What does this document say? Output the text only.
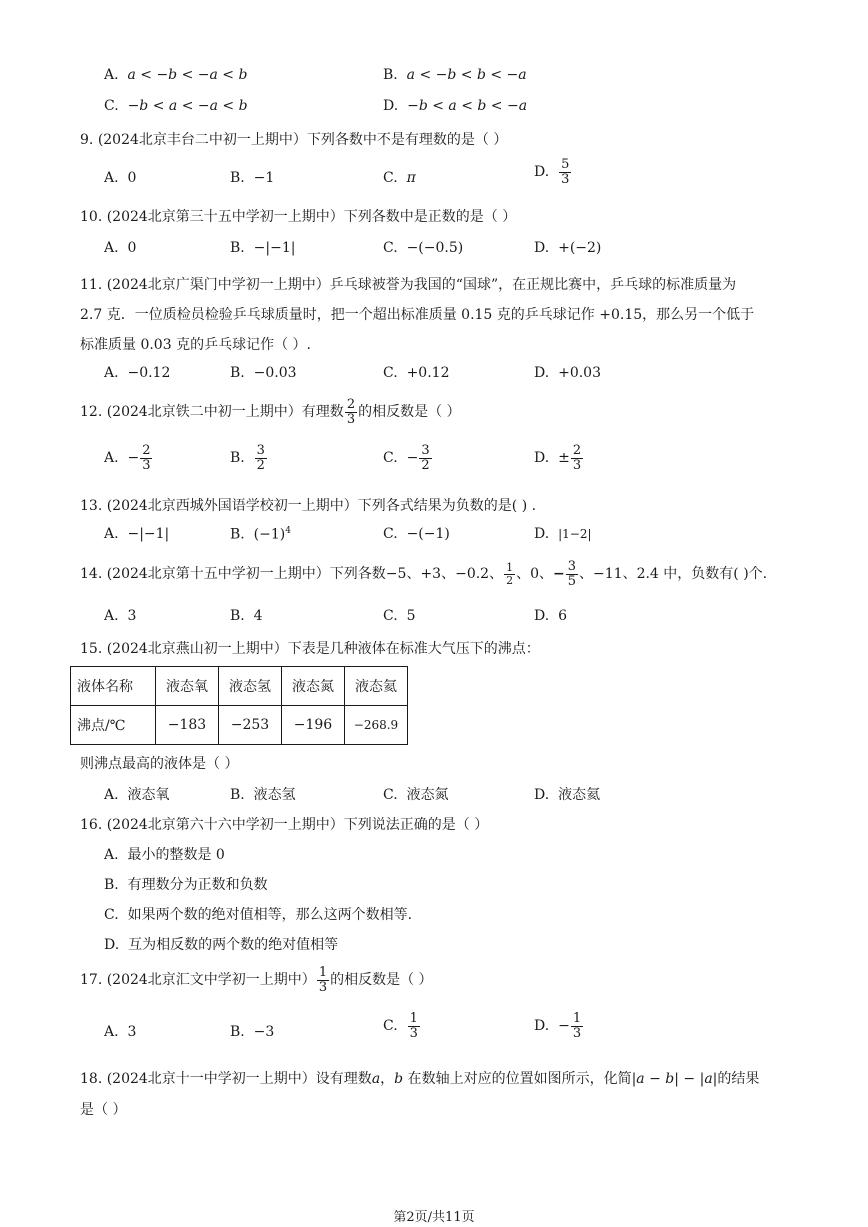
A. a < −b < −a < b	B. a < −b < b < −a
C. −b < a < −a < b	D. −b < a < b < −a
9. (2024北京丰台二中初一上期中）下列各数中不是有理数的是（ ）
A. 0	B. −1	C. π	D. $\frac{5}{3}$
10. (2024北京第三十五中学初一上期中）下列各数中是正数的是（ ）
A. 0	B. −|−1|	C. −(−0.5)	D. +(−2)
11. (2024北京广渠门中学初一上期中）乒乓球被誉为我国的“国球”，在正规比赛中，乒乓球的标准质量为
2.7 克．一位质检员检验乒乓球质量时，把一个超出标准质量 0.15 克的乒乓球记作 +0.15，那么另一个低于
标准质量 0.03 克的乒乓球记作（ ）.
A. −0.12	B. −0.03	C. +0.12	D. +0.03
12. (2024北京铁二中初一上期中）有理数 $\frac{2}{3}$ 的相反数是（ ）
A. − $\frac{2}{3}$	B. $\frac{3}{2}$	C. − $\frac{3}{2}$	D. ± $\frac{2}{3}$
13. (2024北京西城外国语学校初一上期中）下列各式结果为负数的是( ) .
A. −|−1|	B. $(-1)^4$	C. −(−1)	D. |1−2|
14. (2024北京第十五中学初一上期中）下列各数−5、+3、−0.2、 $\frac{1}{2}$ 、0、− $\frac{3}{5}$ 、−11、2.4 中，负数有( )个.
A. 3	B. 4	C. 5	D. 6
15. (2024北京燕山初一上期中）下表是几种液体在标准大气压下的沸点：
液体名称	液态氧	液态氢	液态氮	液态氦
沸点/℃	−183	−253	−196	−268.9
则沸点最高的液体是（ ）
A. 液态氧	B. 液态氢	C. 液态氮	D. 液态氦
16. (2024北京第六十六中学初一上期中）下列说法正确的是（ ）
A. 最小的整数是 0
B. 有理数分为正数和负数
C. 如果两个数的绝对值相等，那么这两个数相等.
D. 互为相反数的两个数的绝对值相等
17. (2024北京汇文中学初一上期中） $\frac{1}{3}$ 的相反数是（ ）
A. 3	B. −3	C. $\frac{1}{3}$	D. − $\frac{1}{3}$
18. (2024北京十一中学初一上期中）设有理数a，b 在数轴上对应的位置如图所示，化简|a − b| − |a|的结果
是（ ）
第2页/共11页
